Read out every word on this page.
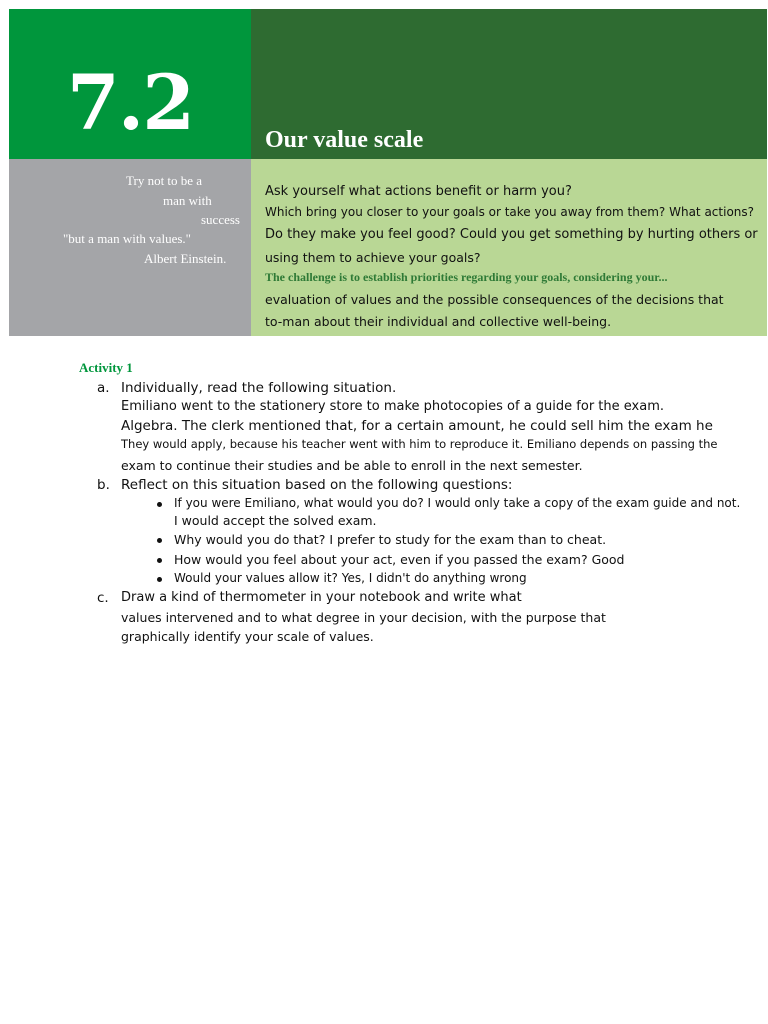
7.2	Our value scale
Try not to be a
man with
success
"but a man with values."
Albert Einstein.
Ask yourself what actions benefit or harm you?
Which bring you closer to your goals or take you away from them? What actions?
Do they make you feel good? Could you get something by hurting others or
using them to achieve your goals?
The challenge is to establish priorities regarding your goals, considering your...
evaluation of values and the possible consequences of the decisions that
to-man about their individual and collective well-being.
Activity 1
a. Individually, read the following situation.
Emiliano went to the stationery store to make photocopies of a guide for the exam.
Algebra. The clerk mentioned that, for a certain amount, he could sell him the exam he
They would apply, because his teacher went with him to reproduce it. Emiliano depends on passing the
exam to continue their studies and be able to enroll in the next semester.
b. Reflect on this situation based on the following questions:
If you were Emiliano, what would you do? I would only take a copy of the exam guide and not.
I would accept the solved exam.
Why would you do that? I prefer to study for the exam than to cheat.
How would you feel about your act, even if you passed the exam? Good
Would your values allow it? Yes, I didn't do anything wrong
c. Draw a kind of thermometer in your notebook and write what
values intervened and to what degree in your decision, with the purpose that
graphically identify your scale of values.
